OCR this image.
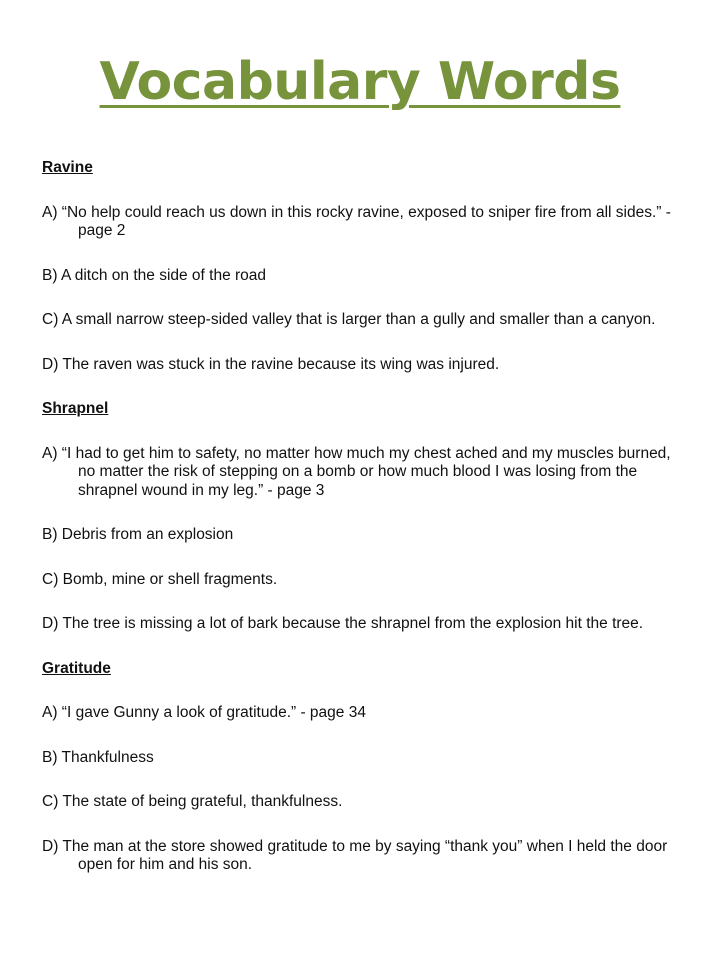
Vocabulary Words

Ravine

A) “No help could reach us down in this rocky ravine, exposed to sniper fire from all sides.” - page 2

B) A ditch on the side of the road

C) A small narrow steep-sided valley that is larger than a gully and smaller than a canyon.

D) The raven was stuck in the ravine because its wing was injured.

Shrapnel

A) “I had to get him to safety, no matter how much my chest ached and my muscles burned, no matter the risk of stepping on a bomb or how much blood I was losing from the shrapnel wound in my leg.” - page 3

B) Debris from an explosion

C) Bomb, mine or shell fragments.

D) The tree is missing a lot of bark because the shrapnel from the explosion hit the tree.

Gratitude

A) “I gave Gunny a look of gratitude.” - page 34

B) Thankfulness

C) The state of being grateful, thankfulness.

D) The man at the store showed gratitude to me by saying “thank you” when I held the door open for him and his son.
